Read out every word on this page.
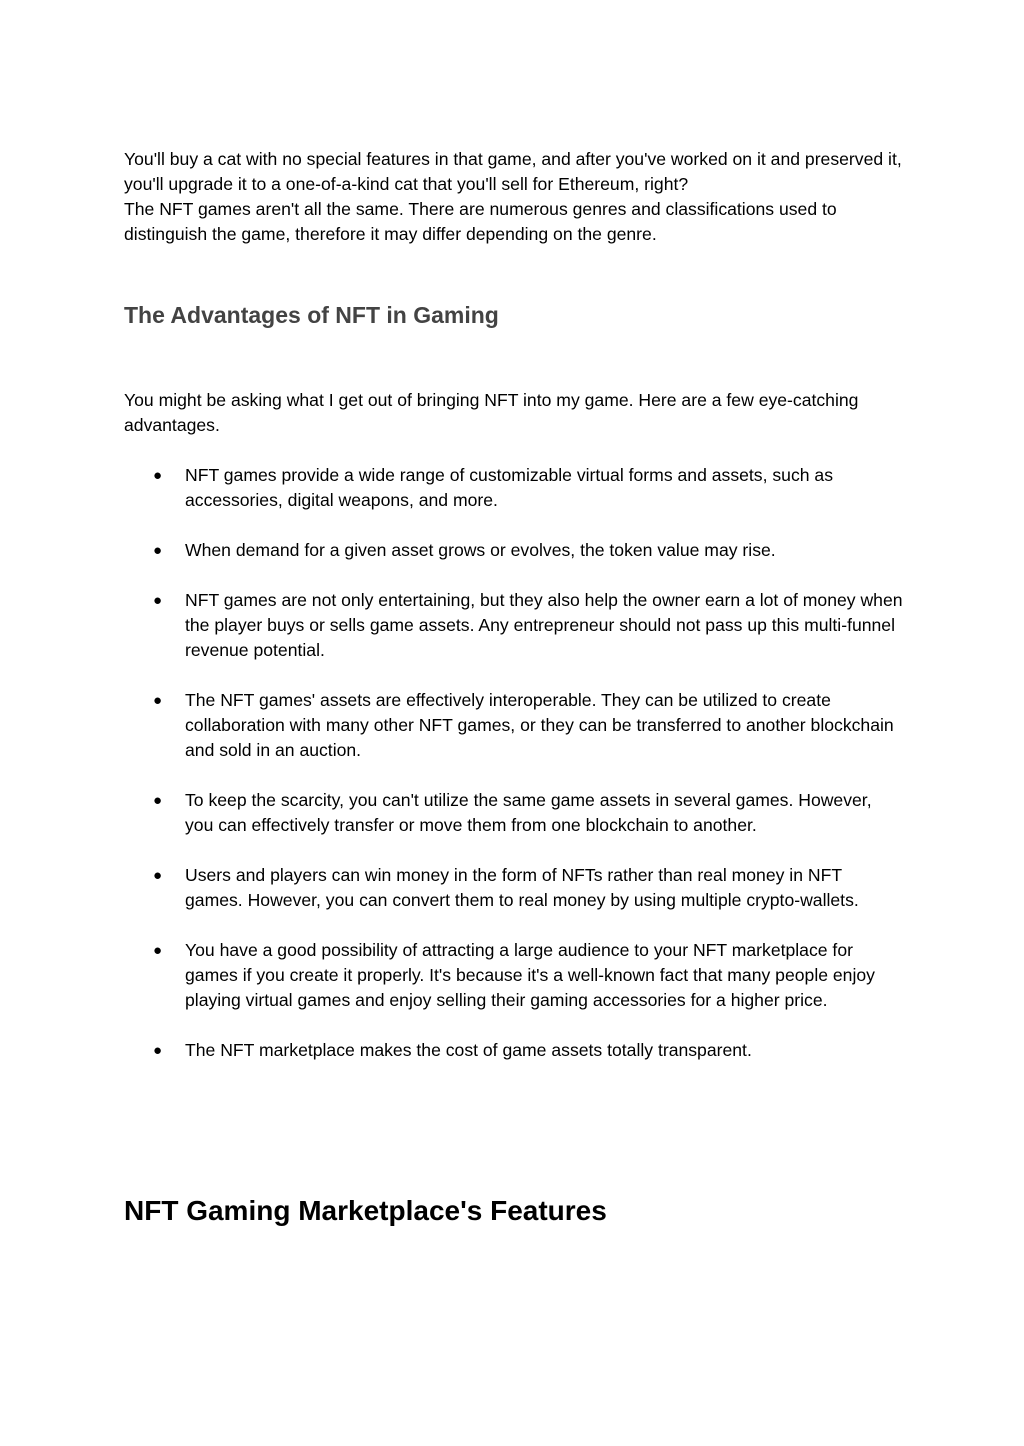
You'll buy a cat with no special features in that game, and after you've worked on it and preserved it, you'll upgrade it to a one-of-a-kind cat that you'll sell for Ethereum, right?
The NFT games aren't all the same. There are numerous genres and classifications used to distinguish the game, therefore it may differ depending on the genre.
The Advantages of NFT in Gaming

You might be asking what I get out of bringing NFT into my game. Here are a few eye-catching advantages.

● NFT games provide a wide range of customizable virtual forms and assets, such as accessories, digital weapons, and more.
● When demand for a given asset grows or evolves, the token value may rise.
● NFT games are not only entertaining, but they also help the owner earn a lot of money when the player buys or sells game assets. Any entrepreneur should not pass up this multi-funnel revenue potential.
● The NFT games' assets are effectively interoperable. They can be utilized to create collaboration with many other NFT games, or they can be transferred to another blockchain and sold in an auction.
● To keep the scarcity, you can't utilize the same game assets in several games. However, you can effectively transfer or move them from one blockchain to another.
● Users and players can win money in the form of NFTs rather than real money in NFT games. However, you can convert them to real money by using multiple crypto-wallets.
● You have a good possibility of attracting a large audience to your NFT marketplace for games if you create it properly. It's because it's a well-known fact that many people enjoy playing virtual games and enjoy selling their gaming accessories for a higher price.
● The NFT marketplace makes the cost of game assets totally transparent.
NFT Gaming Marketplace's Features
